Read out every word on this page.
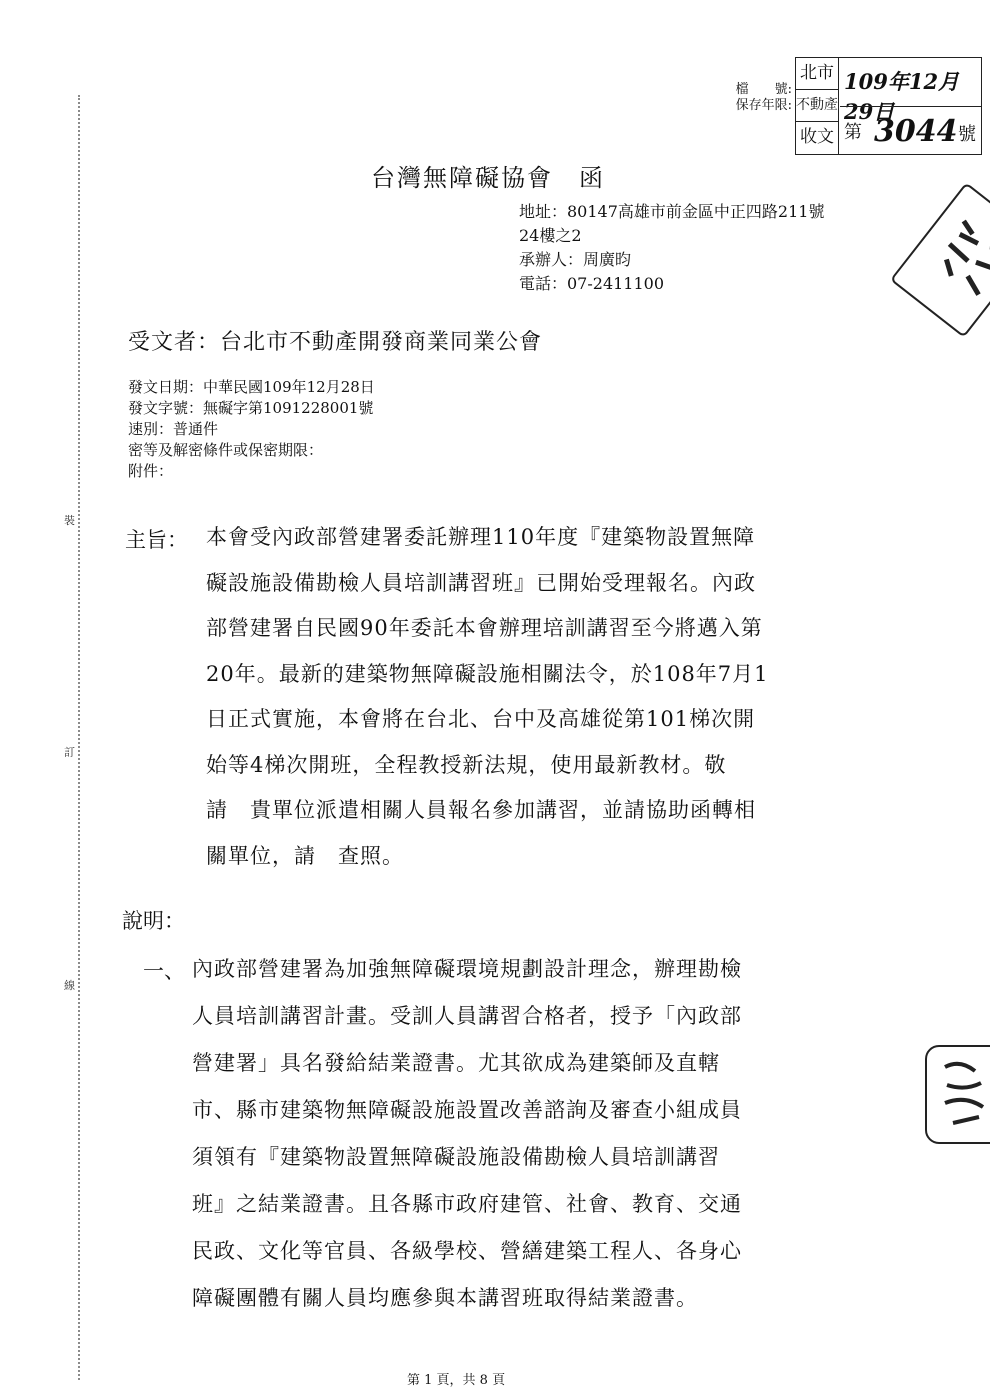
裝
訂
線
檔　　號:
保存年限:
北市
不動產
收文
109年12月29日
第 3044 號
台灣無障礙協會　函
地址：80147高雄市前金區中正四路211號
24樓之2
承辦人：周廣昀
電話：07-2411100
受文者：台北市不動產開發商業同業公會
發文日期：中華民國109年12月28日
發文字號：無礙字第1091228001號
速別：普通件
密等及解密條件或保密期限：
附件：
主旨： 本會受內政部營建署委託辦理110年度『建築物設置無障
礙設施設備勘檢人員培訓講習班』已開始受理報名。內政
部營建署自民國90年委託本會辦理培訓講習至今將邁入第
20年。最新的建築物無障礙設施相關法令，於108年7月1
日正式實施，本會將在台北、台中及高雄從第101梯次開
始等4梯次開班，全程教授新法規，使用最新教材。敬
請　貴單位派遣相關人員報名參加講習，並請協助函轉相
關單位，請　查照。
說明：
一、 內政部營建署為加強無障礙環境規劃設計理念，辦理勘檢
人員培訓講習計畫。受訓人員講習合格者，授予「內政部
營建署」具名發給結業證書。尤其欲成為建築師及直轄
市、縣市建築物無障礙設施設置改善諮詢及審查小組成員
須領有『建築物設置無障礙設施設備勘檢人員培訓講習
班』之結業證書。且各縣市政府建管、社會、教育、交通
民政、文化等官員、各級學校、營繕建築工程人、各身心
障礙團體有關人員均應參與本講習班取得結業證書。
第 1 頁，共 8 頁
